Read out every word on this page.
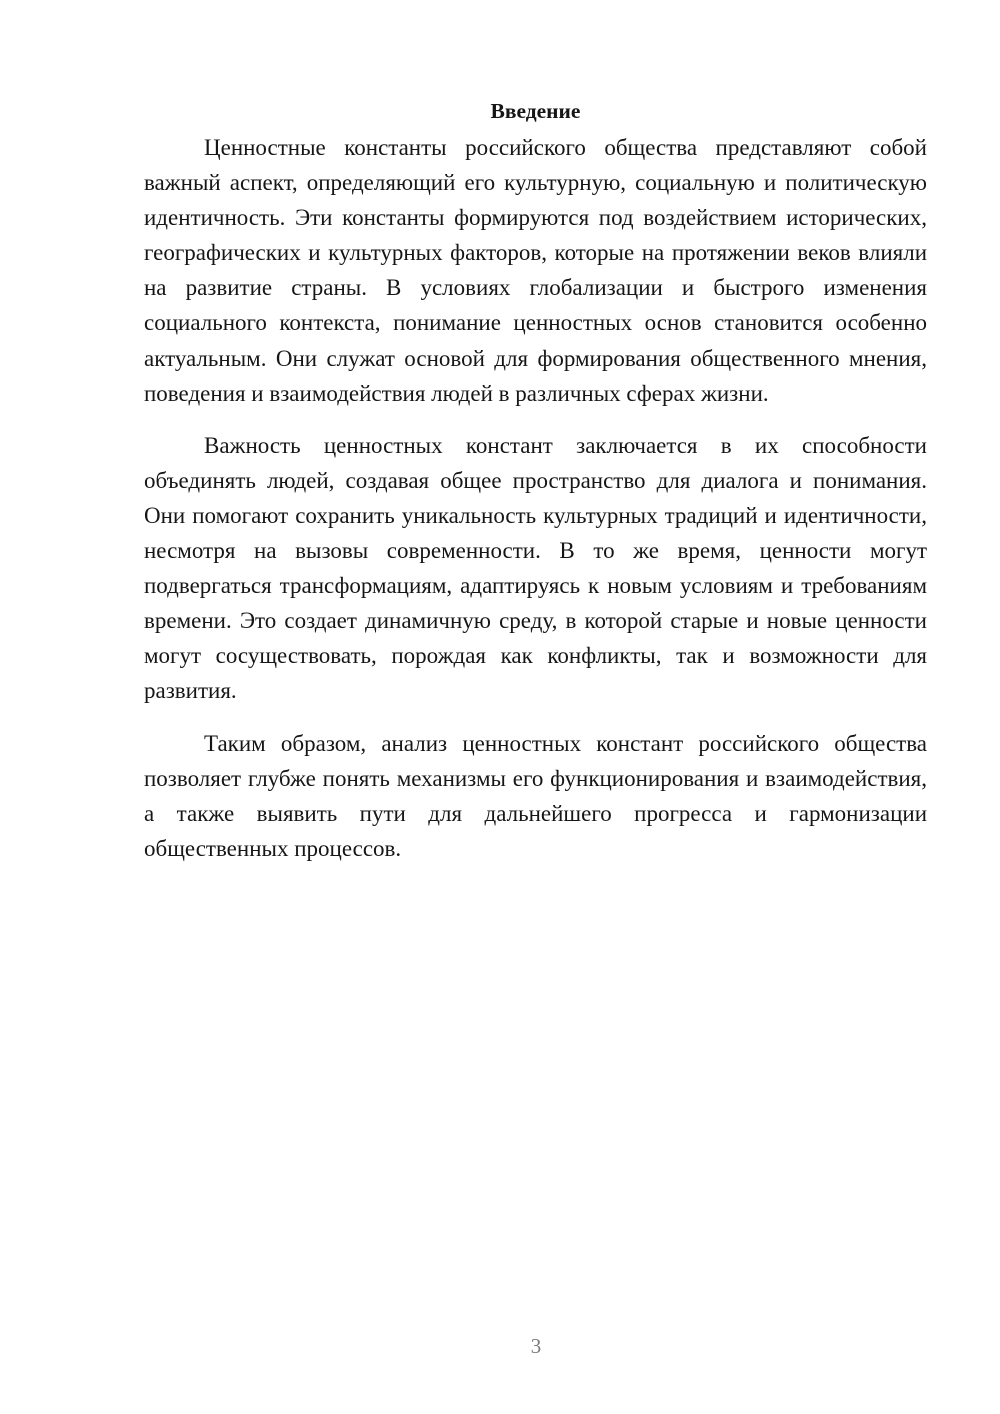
Введение

Ценностные константы российского общества представляют собой важный аспект, определяющий его культурную, социальную и политическую идентичность. Эти константы формируются под воздействием исторических, географических и культурных факторов, которые на протяжении веков влияли на развитие страны. В условиях глобализации и быстрого изменения социального контекста, понимание ценностных основ становится особенно актуальным. Они служат основой для формирования общественного мнения, поведения и взаимодействия людей в различных сферах жизни.

Важность ценностных констант заключается в их способности объединять людей, создавая общее пространство для диалога и понимания. Они помогают сохранить уникальность культурных традиций и идентичности, несмотря на вызовы современности. В то же время, ценности могут подвергаться трансформациям, адаптируясь к новым условиям и требованиям времени. Это создает динамичную среду, в которой старые и новые ценности могут сосуществовать, порождая как конфликты, так и возможности для развития.

Таким образом, анализ ценностных констант российского общества позволяет глубже понять механизмы его функционирования и взаимодействия, а также выявить пути для дальнейшего прогресса и гармонизации общественных процессов.

3
